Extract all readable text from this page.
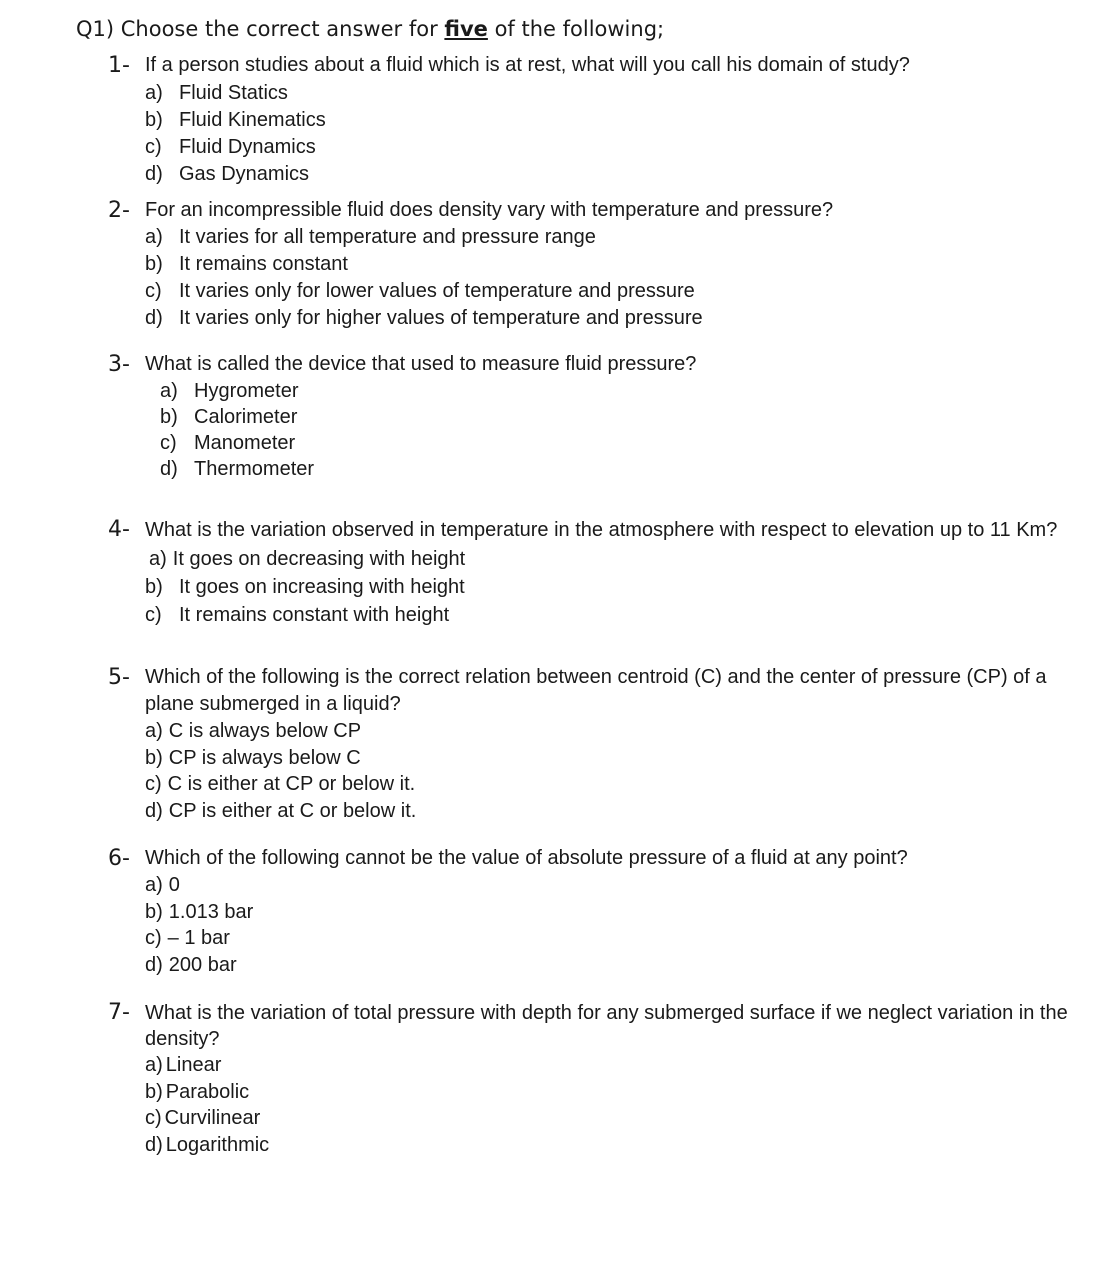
Q1) Choose the correct answer for five of the following;
1- If a person studies about a fluid which is at rest, what will you call his domain of study?
a) Fluid Statics
b) Fluid Kinematics
c) Fluid Dynamics
d) Gas Dynamics
2- For an incompressible fluid does density vary with temperature and pressure?
a) It varies for all temperature and pressure range
b) It remains constant
c) It varies only for lower values of temperature and pressure
d) It varies only for higher values of temperature and pressure
3- What is called the device that used to measure fluid pressure?
a) Hygrometer
b) Calorimeter
c) Manometer
d) Thermometer
4- What is the variation observed in temperature in the atmosphere with respect to elevation up to 11 Km?
a) It goes on decreasing with height
b) It goes on increasing with height
c) It remains constant with height
5- Which of the following is the correct relation between centroid (C) and the center of pressure (CP) of a plane submerged in a liquid?
a) C is always below CP
b) CP is always below C
c) C is either at CP or below it.
d) CP is either at C or below it.
6- Which of the following cannot be the value of absolute pressure of a fluid at any point?
a) 0
b) 1.013 bar
c) – 1 bar
d) 200 bar
7- What is the variation of total pressure with depth for any submerged surface if we neglect variation in the density?
a) Linear
b) Parabolic
c) Curvilinear
d) Logarithmic
